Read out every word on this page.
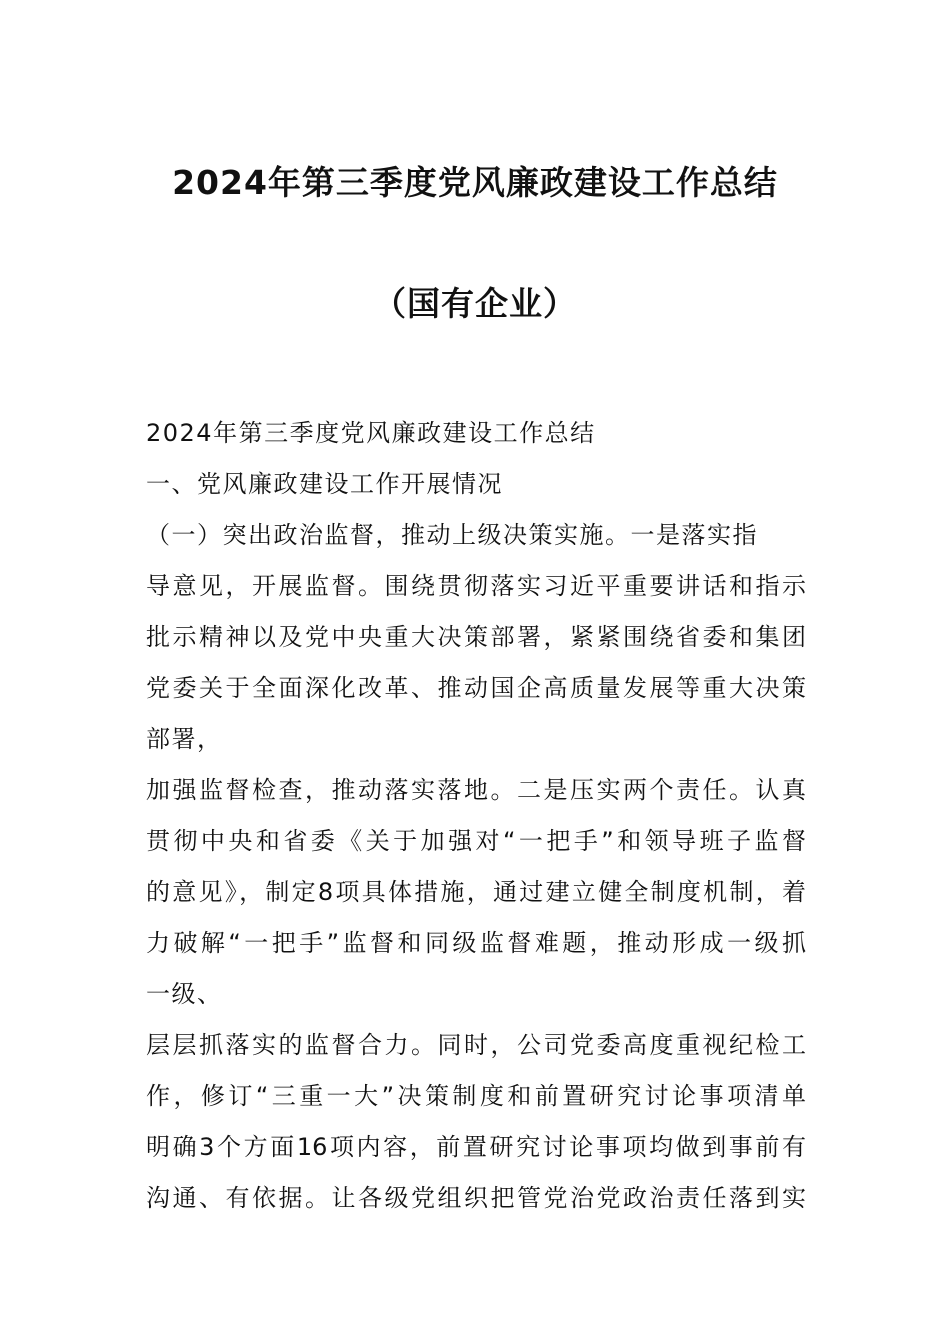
2024年第三季度党风廉政建设工作总结
（国有企业）
2024年第三季度党风廉政建设工作总结
一、党风廉政建设工作开展情况
（一）突出政治监督，推动上级决策实施。一是落实指
导意见，开展监督。围绕贯彻落实习近平重要讲话和指示
批示精神以及党中央重大决策部署，紧紧围绕省委和集团
党委关于全面深化改革、推动国企高质量发展等重大决策
部署，
加强监督检查，推动落实落地。二是压实两个责任。认真
贯彻中央和省委《关于加强对“一把手”和领导班子监督
的意见》，制定8项具体措施，通过建立健全制度机制，着
力破解“一把手”监督和同级监督难题，推动形成一级抓
一级、
层层抓落实的监督合力。同时，公司党委高度重视纪检工
作，修订“三重一大”决策制度和前置研究讨论事项清单
明确3个方面16项内容，前置研究讨论事项均做到事前有
沟通、有依据。让各级党组织把管党治党政治责任落到实
